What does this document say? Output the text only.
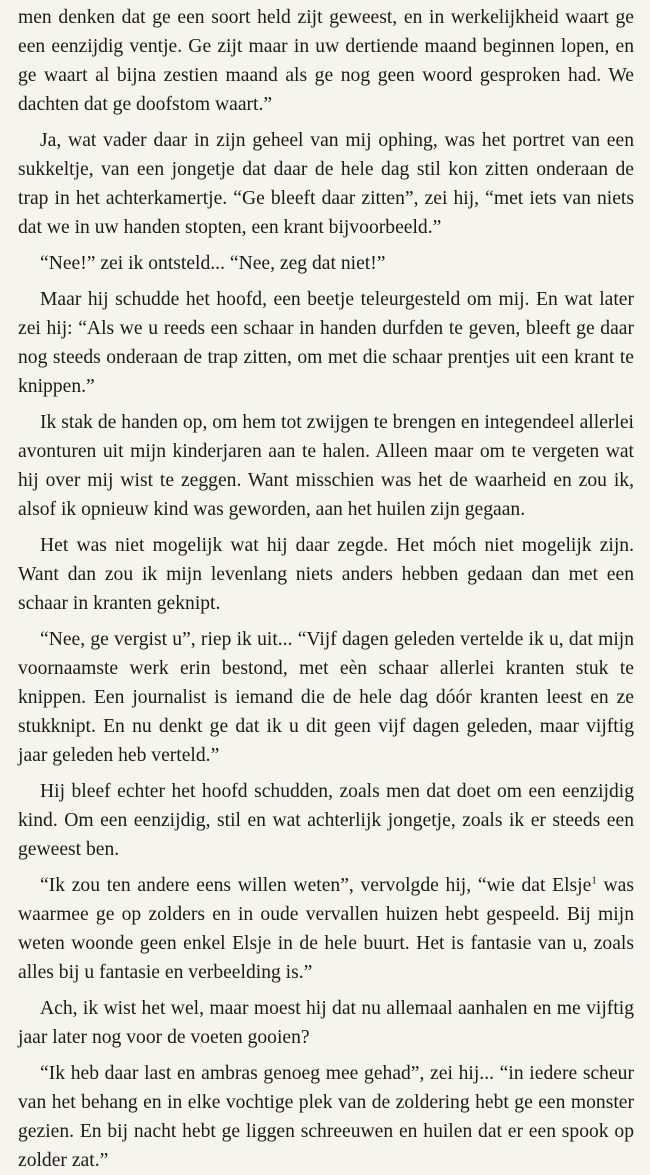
men denken dat ge een soort held zijt geweest, en in werkelijkheid waart ge een eenzijdig ventje. Ge zijt maar in uw dertiende maand beginnen lopen, en ge waart al bijna zestien maand als ge nog geen woord gesproken had. We dachten dat ge doofstom waart.”

Ja, wat vader daar in zijn geheel van mij ophing, was het portret van een sukkeltje, van een jongetje dat daar de hele dag stil kon zitten onderaan de trap in het achterkamertje. “Ge bleeft daar zitten”, zei hij, “met iets van niets dat we in uw handen stopten, een krant bijvoorbeeld.”

“Nee!” zei ik ontsteld... “Nee, zeg dat niet!”

Maar hij schudde het hoofd, een beetje teleurgesteld om mij. En wat later zei hij: “Als we u reeds een schaar in handen durfden te geven, bleeft ge daar nog steeds onderaan de trap zitten, om met die schaar prentjes uit een krant te knippen.”

Ik stak de handen op, om hem tot zwijgen te brengen en integendeel allerlei avonturen uit mijn kinderjaren aan te halen. Alleen maar om te vergeten wat hij over mij wist te zeggen. Want misschien was het de waarheid en zou ik, alsof ik opnieuw kind was geworden, aan het huilen zijn gegaan.

Het was niet mogelijk wat hij daar zegde. Het móch niet mogelijk zijn. Want dan zou ik mijn levenlang niets anders hebben gedaan dan met een schaar in kranten geknipt.

“Nee, ge vergist u”, riep ik uit... “Vijf dagen geleden vertelde ik u, dat mijn voornaamste werk erin bestond, met eèn schaar allerlei kranten stuk te knippen. Een journalist is iemand die de hele dag dóór kranten leest en ze stukknipt. En nu denkt ge dat ik u dit geen vijf dagen geleden, maar vijftig jaar geleden heb verteld.”

Hij bleef echter het hoofd schudden, zoals men dat doet om een eenzijdig kind. Om een eenzijdig, stil en wat achterlijk jongetje, zoals ik er steeds een geweest ben.

“Ik zou ten andere eens willen weten”, vervolgde hij, “wie dat Elsje$^1$ was waarmee ge op zolders en in oude vervallen huizen hebt gespeeld. Bij mijn weten woonde geen enkel Elsje in de hele buurt. Het is fantasie van u, zoals alles bij u fantasie en verbeelding is.”

Ach, ik wist het wel, maar moest hij dat nu allemaal aanhalen en me vijftig jaar later nog voor de voeten gooien?

“Ik heb daar last en ambras genoeg mee gehad”, zei hij... “in iedere scheur van het behang en in elke vochtige plek van de zoldering hebt ge een monster gezien. En bij nacht hebt ge liggen schreeuwen en huilen dat er een spook op zolder zat.”
